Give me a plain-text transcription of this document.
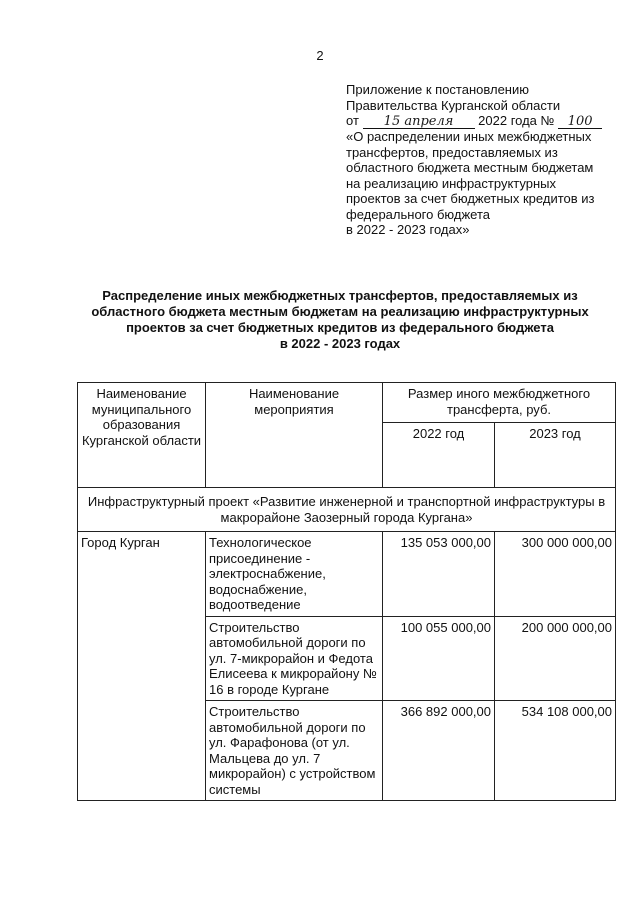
2
Приложение к постановлению
Правительства Курганской области
от 15 апреля 2022 года № 100
«О распределении иных межбюджетных
трансфертов, предоставляемых из
областного бюджета местным бюджетам
на реализацию инфраструктурных
проектов за счет бюджетных кредитов из
федерального бюджета
в 2022 - 2023 годах»
Распределение иных межбюджетных трансфертов, предоставляемых из
областного бюджета местным бюджетам на реализацию инфраструктурных
проектов за счет бюджетных кредитов из федерального бюджета
в 2022 - 2023 годах
Наименование муниципального образования Курганской области	Наименование мероприятия	Размер иного межбюджетного трансферта, руб.	
		2022 год	2023 год
Инфраструктурный проект «Развитие инженерной и транспортной инфраструктуры в макрорайоне Заозерный города Кургана»			
Город Курган	Технологическое присоединение - электроснабжение, водоснабжение, водоотведение	135 053 000,00	300 000 000,00
	Строительство автомобильной дороги по ул. 7-микрорайон и Федота Елисеева к микрорайону № 16 в городе Кургане	100 055 000,00	200 000 000,00
	Строительство автомобильной дороги по ул. Фарафонова (от ул. Мальцева до ул. 7 микрорайон) с устройством системы	366 892 000,00	534 108 000,00
